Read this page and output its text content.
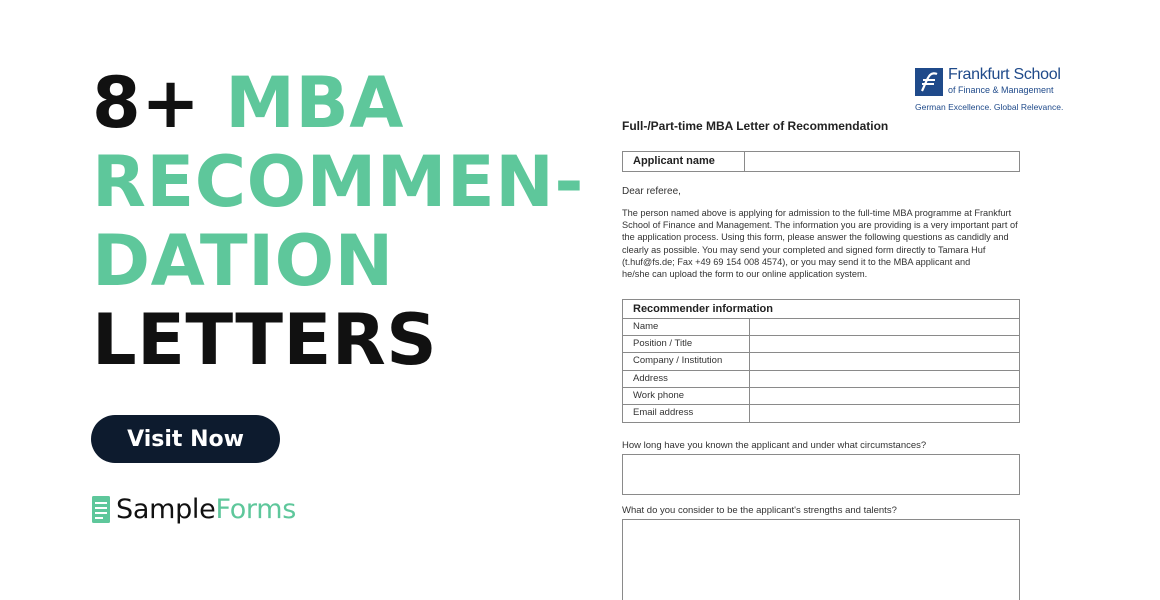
8+ MBA
RECOMMEN-
DATION
LETTERS
Visit Now
SampleForms
Frankfurt School
of Finance & Management
German Excellence. Global Relevance.
Full-/Part-time MBA Letter of Recommendation
Applicant name
Dear referee,
The person named above is applying for admission to the full-time MBA programme at Frankfurt
School of Finance and Management. The information you are providing is a very important part of
the application process. Using this form, please answer the following questions as candidly and
clearly as possible. You may send your completed and signed form directly to Tamara Huf
(t.huf@fs.de; Fax +49 69 154 008 4574), or you may send it to the MBA applicant and
he/she can upload the form to our online application system.
Recommender information
Name
Position / Title
Company / Institution
Address
Work phone
Email address
How long have you known the applicant and under what circumstances?
What do you consider to be the applicant's strengths and talents?
